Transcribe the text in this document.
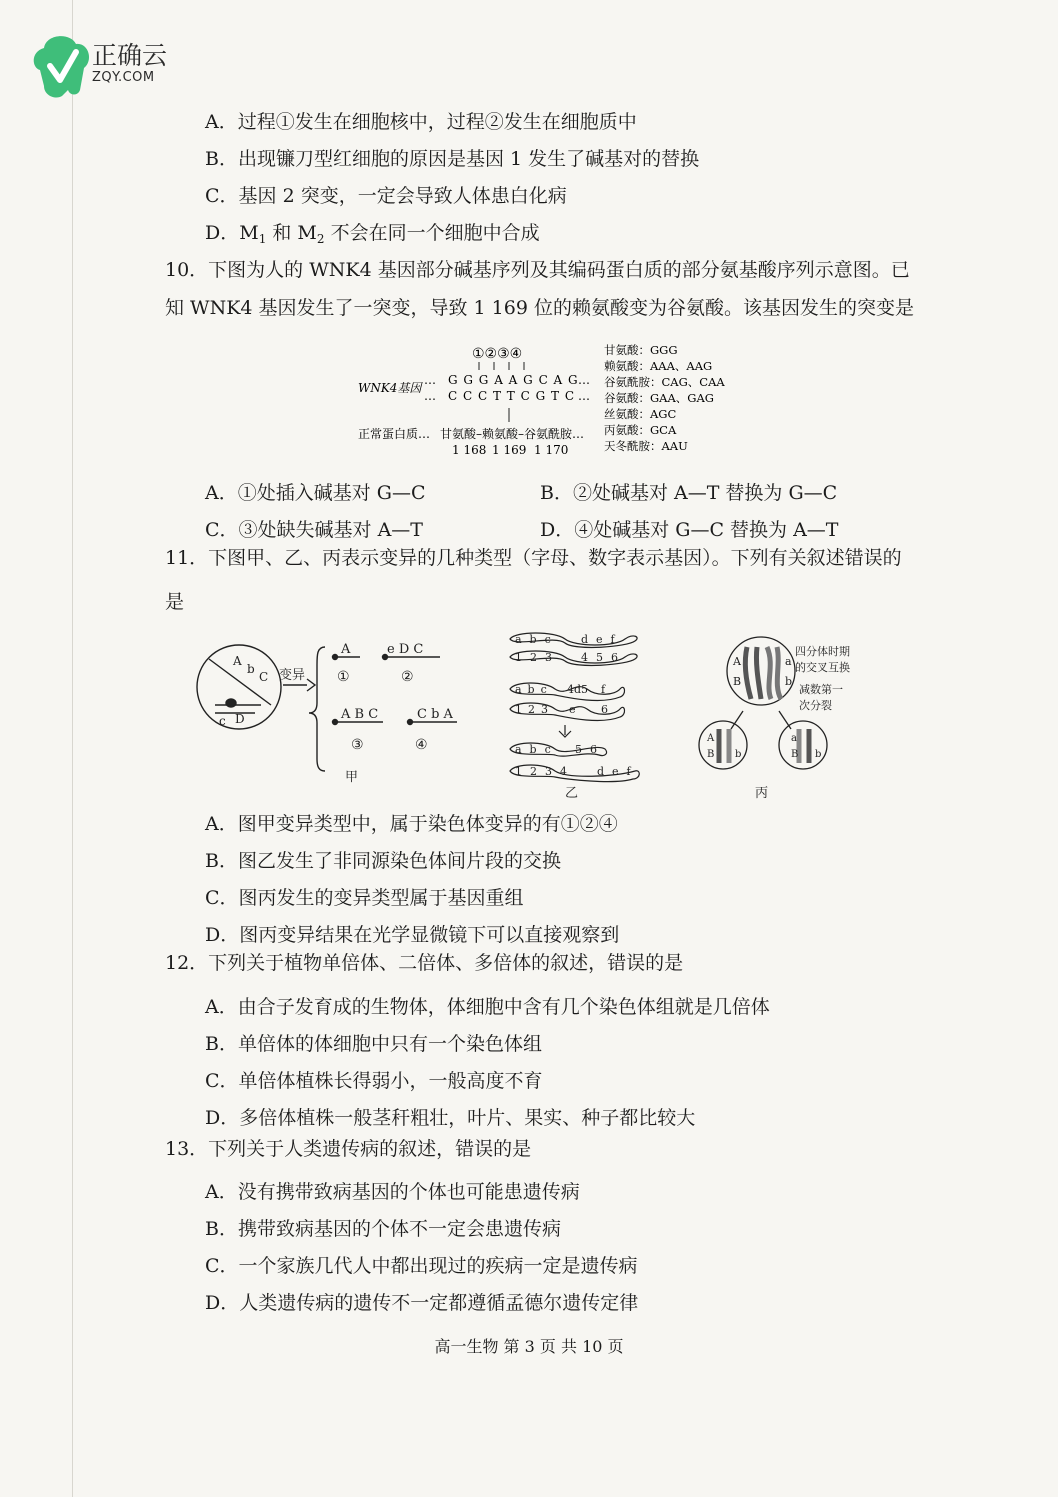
正确云
ZQY.COM
A．过程①发生在细胞核中，过程②发生在细胞质中
B．出现镰刀型红细胞的原因是基因 1 发生了碱基对的替换
C．基因 2 突变，一定会导致人体患白化病
D．$M_1$ 和 $M_2$ 不会在同一个细胞中合成
10．下图为人的 WNK4 基因部分碱基序列及其编码蛋白质的部分氨基酸序列示意图。已
知 WNK4 基因发生了一突变，导致 1 169 位的赖氨酸变为谷氨酸。该基因发生的突变是
①②③④
WNK4基因
…
…
G G G A A G C A G
C C C T T C G T C
…
…
正常蛋白质… 甘氨酸–赖氨酸–谷氨酰胺…
1 168 1 169 1 170
甘氨酸：GGG
赖氨酸：AAA、AAG
谷氨酰胺：CAG、CAA
谷氨酸：GAA、GAG
丝氨酸：AGC
丙氨酸：GCA
天冬酰胺：AAU
A．①处插入碱基对 G—C	B．②处碱基对 A—T 替换为 G—C
C．③处缺失碱基对 A—T	D．④处碱基对 G—C 替换为 A—T
11．下图甲、乙、丙表示变异的几种类型（字母、数字表示基因）。下列有关叙述错误的
是
A
b
C
c D
变异
A	e D C
A B C	C b A
①	②
③	④
甲
abc def
123 456
abc 4d5 f
123 e 6
abc 56
1234 def
乙
A
B
a
b
A
B b
a
B b
四分体时期
的交叉互换
减数第一
次分裂
丙
A．图甲变异类型中，属于染色体变异的有①②④
B．图乙发生了非同源染色体间片段的交换
C．图丙发生的变异类型属于基因重组
D．图丙变异结果在光学显微镜下可以直接观察到
12．下列关于植物单倍体、二倍体、多倍体的叙述，错误的是
A．由合子发育成的生物体，体细胞中含有几个染色体组就是几倍体
B．单倍体的体细胞中只有一个染色体组
C．单倍体植株长得弱小，一般高度不育
D．多倍体植株一般茎秆粗壮，叶片、果实、种子都比较大
13．下列关于人类遗传病的叙述，错误的是
A．没有携带致病基因的个体也可能患遗传病
B．携带致病基因的个体不一定会患遗传病
C．一个家族几代人中都出现过的疾病一定是遗传病
D．人类遗传病的遗传不一定都遵循孟德尔遗传定律
高一生物 第 3 页 共 10 页
